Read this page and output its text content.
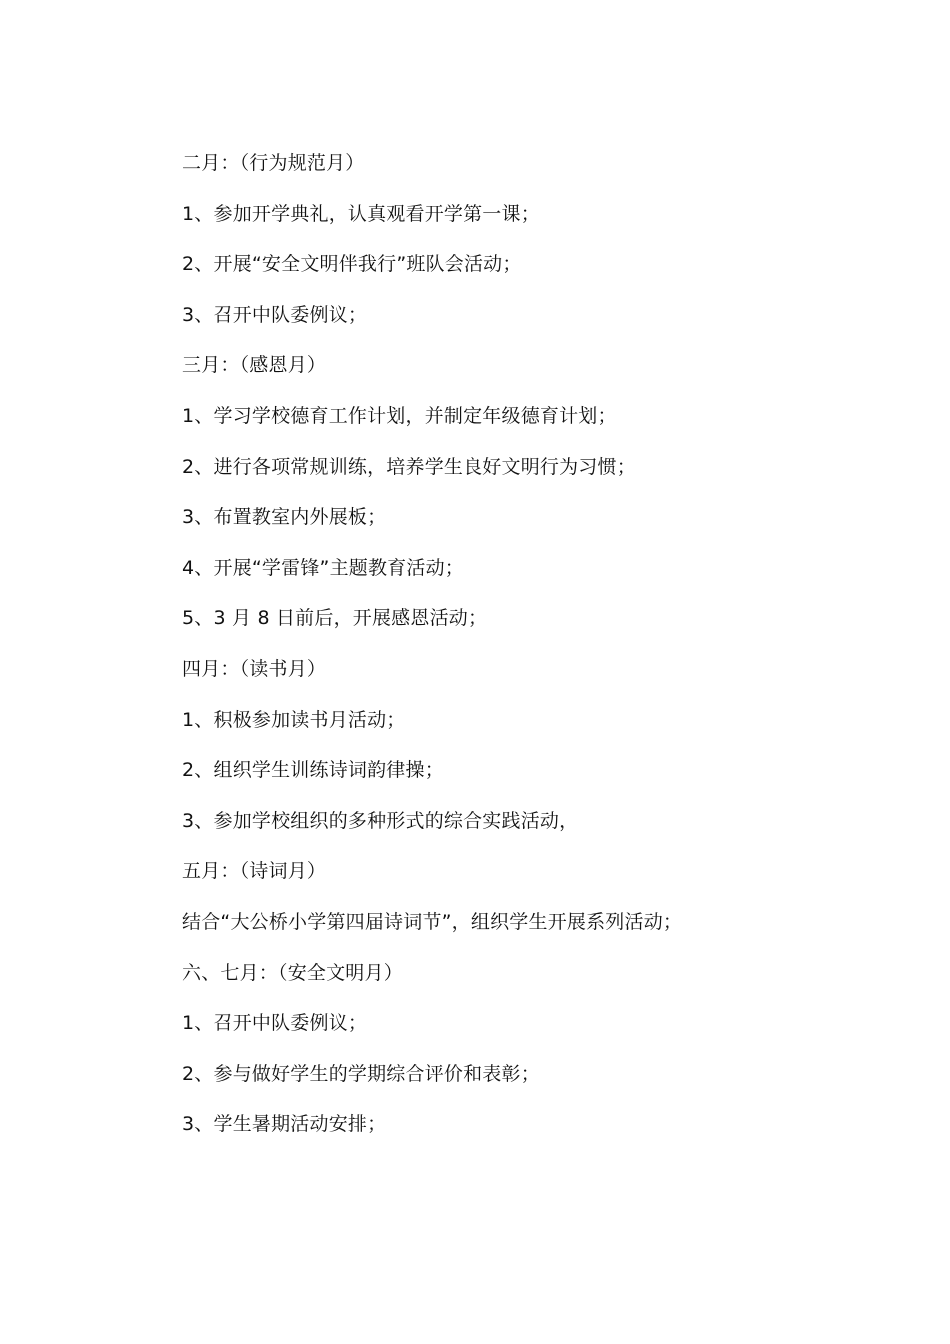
二月：（行为规范月）

1、参加开学典礼，认真观看开学第一课；

2、开展“安全文明伴我行”班队会活动；

3、召开中队委例议；

三月：（感恩月）

1、学习学校德育工作计划，并制定年级德育计划；

2、进行各项常规训练，培养学生良好文明行为习惯；

3、布置教室内外展板；

4、开展“学雷锋”主题教育活动；

5、3 月 8 日前后，开展感恩活动；

四月：（读书月）

1、积极参加读书月活动；

2、组织学生训练诗词韵律操；

3、参加学校组织的多种形式的综合实践活动，

五月：（诗词月）

结合“大公桥小学第四届诗词节”，组织学生开展系列活动；

六、七月：（安全文明月）

1、召开中队委例议；

2、参与做好学生的学期综合评价和表彰；

3、学生暑期活动安排；
